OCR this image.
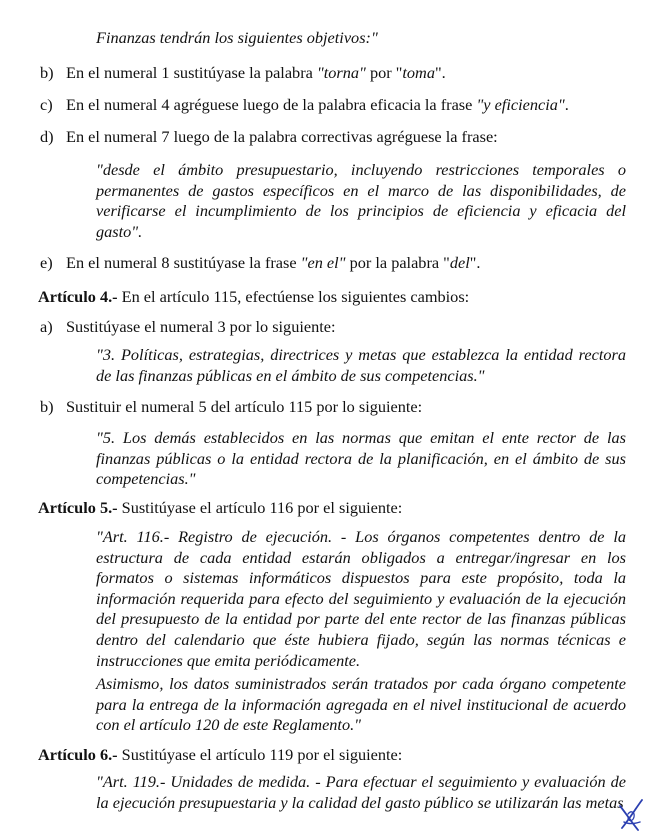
Finanzas tendrán los siguientes objetivos:"

b) En el numeral 1 sustitúyase la palabra "torna" por "toma".
c) En el numeral 4 agréguese luego de la palabra eficacia la frase "y eficiencia".
d) En el numeral 7 luego de la palabra correctivas agréguese la frase:
"desde el ámbito presupuestario, incluyendo restricciones temporales o permanentes de gastos específicos en el marco de las disponibilidades, de verificarse el incumplimiento de los principios de eficiencia y eficacia del gasto".
e) En el numeral 8 sustitúyase la frase "en el" por la palabra "del".
Artículo 4.- En el artículo 115, efectúense los siguientes cambios:
a) Sustitúyase el numeral 3 por lo siguiente:
"3. Políticas, estrategias, directrices y metas que establezca la entidad rectora de las finanzas públicas en el ámbito de sus competencias."
b) Sustituir el numeral 5 del artículo 115 por lo siguiente:
"5. Los demás establecidos en las normas que emitan el ente rector de las finanzas públicas o la entidad rectora de la planificación, en el ámbito de sus competencias."
Artículo 5.- Sustitúyase el artículo 116 por el siguiente:
"Art. 116.- Registro de ejecución. - Los órganos competentes dentro de la estructura de cada entidad estarán obligados a entregar/ingresar en los formatos o sistemas informáticos dispuestos para este propósito, toda la información requerida para efecto del seguimiento y evaluación de la ejecución del presupuesto de la entidad por parte del ente rector de las finanzas públicas dentro del calendario que éste hubiera fijado, según las normas técnicas e instrucciones que emita periódicamente.
Asimismo, los datos suministrados serán tratados por cada órgano competente para la entrega de la información agregada en el nivel institucional de acuerdo con el artículo 120 de este Reglamento."
Artículo 6.- Sustitúyase el artículo 119 por el siguiente:
"Art. 119.- Unidades de medida. - Para efectuar el seguimiento y evaluación de la ejecución presupuestaria y la calidad del gasto público se utilizarán las metas
